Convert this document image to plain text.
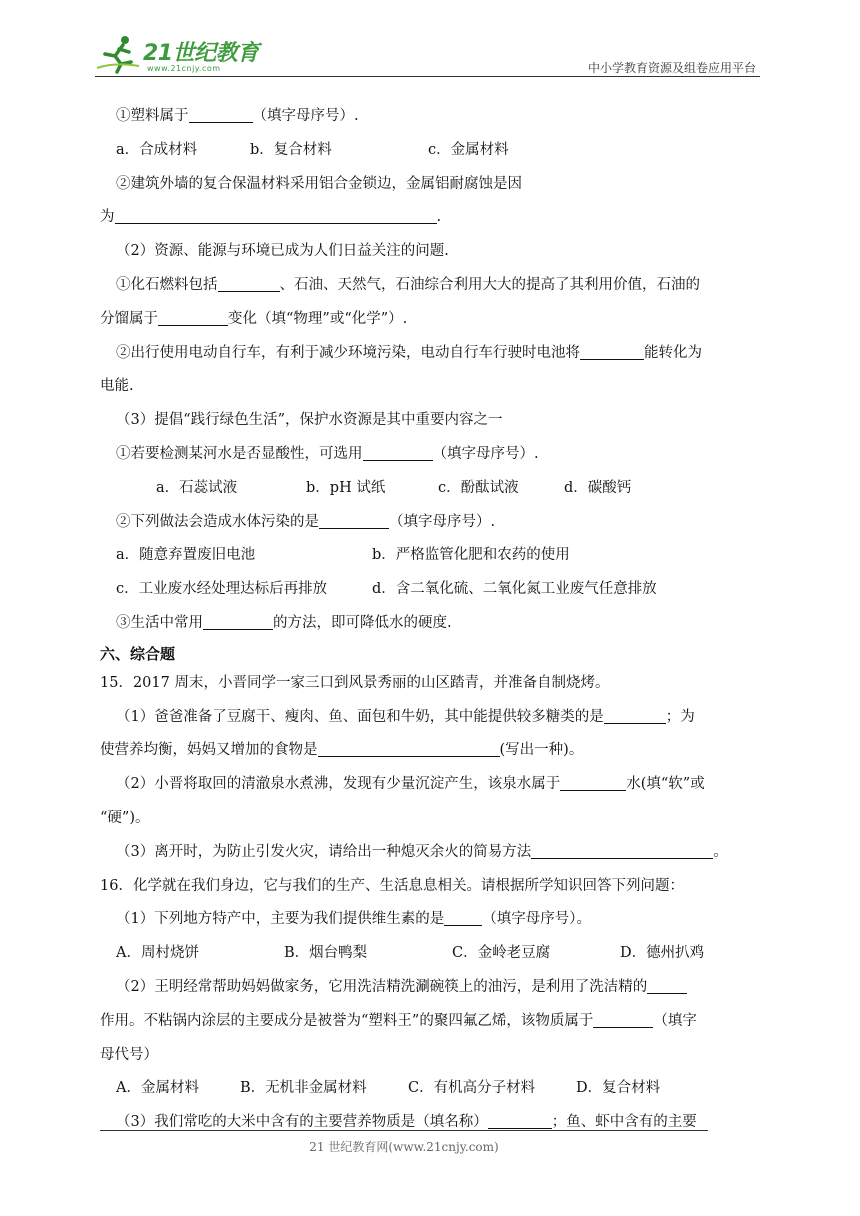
21世纪教育
www.21cnjy.com	中小学教育资源及组卷应用平台
①塑料属于	（填字母序号）.
a．合成材料	b．复合材料	c．金属材料
②建筑外墙的复合保温材料采用铝合金锁边，金属铝耐腐蚀是因
为	.
（2）资源、能源与环境已成为人们日益关注的问题.
①化石燃料包括	、石油、天然气，石油综合利用大大的提高了其利用价值，石油的
分馏属于	变化（填“物理”或“化学”）.
②出行使用电动自行车，有利于减少环境污染，电动自行车行驶时电池将	能转化为
电能.
（3）提倡“践行绿色生活”，保护水资源是其中重要内容之一
①若要检测某河水是否显酸性，可选用	（填字母序号）.
a．石蕊试液	b．pH 试纸	c．酚酞试液	d．碳酸钙
②下列做法会造成水体污染的是	（填字母序号）.
a．随意弃置废旧电池	b．严格监管化肥和农药的使用
c．工业废水经处理达标后再排放	d．含二氧化硫、二氧化氮工业废气任意排放
③生活中常用	的方法，即可降低水的硬度.
六、综合题
15．2017 周末，小晋同学一家三口到风景秀丽的山区踏青，并准备自制烧烤。
（1）爸爸准备了豆腐干、瘦肉、鱼、面包和牛奶，其中能提供较多糖类的是	；为
使营养均衡，妈妈又增加的食物是	(写出一种)。
（2）小晋将取回的清澈泉水煮沸，发现有少量沉淀产生，该泉水属于	水(填“软”或
“硬”)。
（3）离开时，为防止引发火灾，请给出一种熄灭余火的简易方法	。
16．化学就在我们身边，它与我们的生产、生活息息相关。请根据所学知识回答下列问题：
（1）下列地方特产中，主要为我们提供维生素的是	（填字母序号）。
A．周村烧饼	B．烟台鸭梨	C．金岭老豆腐	D．德州扒鸡
（2）王明经常帮助妈妈做家务，它用洗洁精洗涮碗筷上的油污，是利用了洗洁精的
作用。不粘锅内涂层的主要成分是被誉为“塑料王”的聚四氟乙烯，该物质属于	（填字
母代号）
A．金属材料	B．无机非金属材料	C．有机高分子材料	D．复合材料
（3）我们常吃的大米中含有的主要营养物质是（填名称）	；鱼、虾中含有的主要
21 世纪教育网(www.21cnjy.com)
